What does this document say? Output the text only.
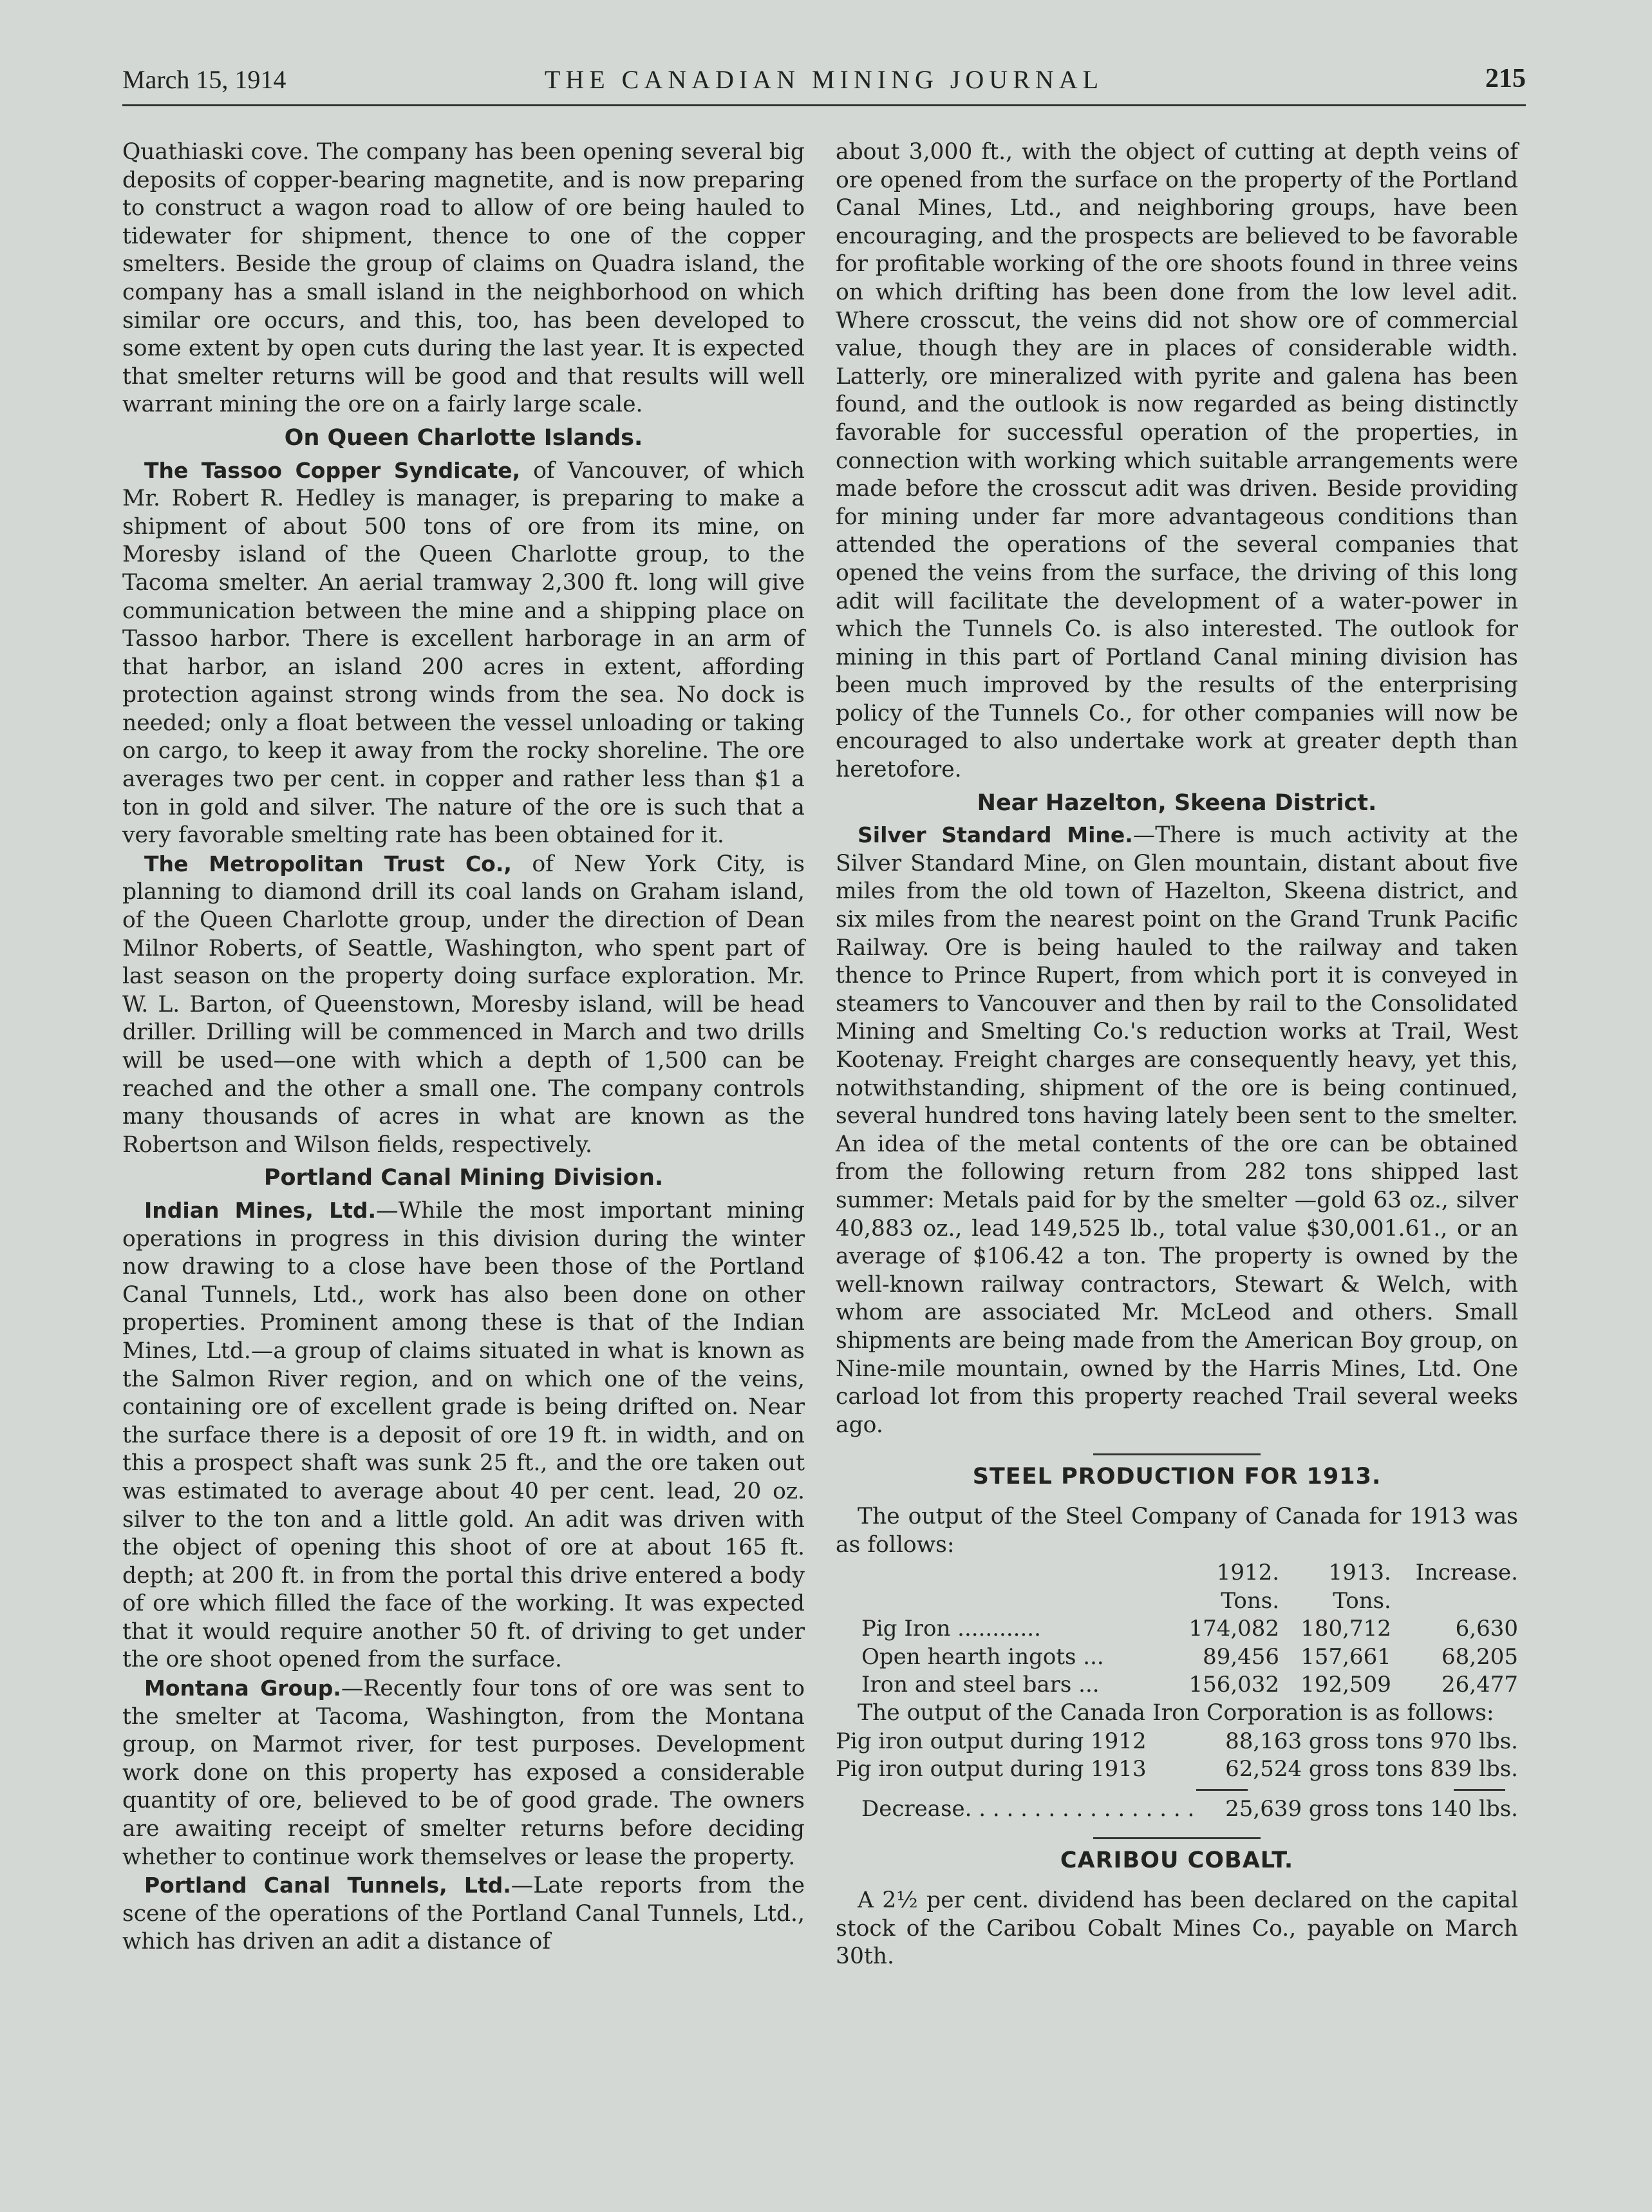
March 15, 1914	THE CANADIAN MINING JOURNAL	215

Quathiaski cove. The company has been opening several big deposits of copper-bearing magnetite, and is now preparing to construct a wagon road to allow of ore being hauled to tidewater for shipment, thence to one of the copper smelters. Beside the group of claims on Quadra island, the company has a small island in the neighborhood on which similar ore occurs, and this, too, has been developed to some extent by open cuts during the last year. It is expected that smelter returns will be good and that results will well warrant mining the ore on a fairly large scale.

On Queen Charlotte Islands.

The Tassoo Copper Syndicate, of Vancouver, of which Mr. Robert R. Hedley is manager, is preparing to make a shipment of about 500 tons of ore from its mine, on Moresby island of the Queen Charlotte group, to the Tacoma smelter. An aerial tramway 2,300 ft. long will give communication between the mine and a shipping place on Tassoo harbor. There is excellent harborage in an arm of that harbor, an island 200 acres in extent, affording protection against strong winds from the sea. No dock is needed; only a float between the vessel unloading or taking on cargo, to keep it away from the rocky shoreline. The ore averages two per cent. in copper and rather less than $1 a ton in gold and silver. The nature of the ore is such that a very favorable smelting rate has been obtained for it.

The Metropolitan Trust Co., of New York City, is planning to diamond drill its coal lands on Graham island, of the Queen Charlotte group, under the direction of Dean Milnor Roberts, of Seattle, Washington, who spent part of last season on the property doing surface exploration. Mr. W. L. Barton, of Queenstown, Moresby island, will be head driller. Drilling will be commenced in March and two drills will be used—one with which a depth of 1,500 can be reached and the other a small one. The company controls many thousands of acres in what are known as the Robertson and Wilson fields, respectively.

Portland Canal Mining Division.

Indian Mines, Ltd.—While the most important mining operations in progress in this division during the winter now drawing to a close have been those of the Portland Canal Tunnels, Ltd., work has also been done on other properties. Prominent among these is that of the Indian Mines, Ltd.—a group of claims situated in what is known as the Salmon River region, and on which one of the veins, containing ore of excellent grade is being drifted on. Near the surface there is a deposit of ore 19 ft. in width, and on this a prospect shaft was sunk 25 ft., and the ore taken out was estimated to average about 40 per cent. lead, 20 oz. silver to the ton and a little gold. An adit was driven with the object of opening this shoot of ore at about 165 ft. depth; at 200 ft. in from the portal this drive entered a body of ore which filled the face of the working. It was expected that it would require another 50 ft. of driving to get under the ore shoot opened from the surface.

Montana Group.—Recently four tons of ore was sent to the smelter at Tacoma, Washington, from the Montana group, on Marmot river, for test purposes. Development work done on this property has exposed a considerable quantity of ore, believed to be of good grade. The owners are awaiting receipt of smelter returns before deciding whether to continue work themselves or lease the property.

Portland Canal Tunnels, Ltd.—Late reports from the scene of the operations of the Portland Canal Tunnels, Ltd., which has driven an adit a distance of

about 3,000 ft., with the object of cutting at depth veins of ore opened from the surface on the property of the Portland Canal Mines, Ltd., and neighboring groups, have been encouraging, and the prospects are believed to be favorable for profitable working of the ore shoots found in three veins on which drifting has been done from the low level adit. Where crosscut, the veins did not show ore of commercial value, though they are in places of considerable width. Latterly, ore mineralized with pyrite and galena has been found, and the outlook is now regarded as being distinctly favorable for successful operation of the properties, in connection with working which suitable arrangements were made before the crosscut adit was driven. Beside providing for mining under far more advantageous conditions than attended the operations of the several companies that opened the veins from the surface, the driving of this long adit will facilitate the development of a water-power in which the Tunnels Co. is also interested. The outlook for mining in this part of Portland Canal mining division has been much improved by the results of the enterprising policy of the Tunnels Co., for other companies will now be encouraged to also undertake work at greater depth than heretofore.

Near Hazelton, Skeena District.

Silver Standard Mine.—There is much activity at the Silver Standard Mine, on Glen mountain, distant about five miles from the old town of Hazelton, Skeena district, and six miles from the nearest point on the Grand Trunk Pacific Railway. Ore is being hauled to the railway and taken thence to Prince Rupert, from which port it is conveyed in steamers to Vancouver and then by rail to the Consolidated Mining and Smelting Co.'s reduction works at Trail, West Kootenay. Freight charges are consequently heavy, yet this, notwithstanding, shipment of the ore is being continued, several hundred tons having lately been sent to the smelter. An idea of the metal contents of the ore can be obtained from the following return from 282 tons shipped last summer: Metals paid for by the smelter —gold 63 oz., silver 40,883 oz., lead 149,525 lb., total value $30,001.61., or an average of $106.42 a ton. The property is owned by the well-known railway contractors, Stewart & Welch, with whom are associated Mr. McLeod and others. Small shipments are being made from the American Boy group, on Nine-mile mountain, owned by the Harris Mines, Ltd. One carload lot from this property reached Trail several weeks ago.

STEEL PRODUCTION FOR 1913.

The output of the Steel Company of Canada for 1913 was as follows:

	1912.	1913.	Increase.
	Tons.	Tons.	
Pig Iron ............	174,082	180,712	6,630
Open hearth ingots ...	89,456	157,661	68,205
Iron and steel bars ...	156,032	192,509	26,477

The output of the Canada Iron Corporation is as follows:

Pig iron output during 1912	88,163 gross tons 970 lbs.
Pig iron output during 1913	62,524 gross tons 839 lbs.
Decrease. . . . . . . . . . . . . . . . . 25,639 gross tons 140 lbs.
CARIBOU COBALT.

A 2½ per cent. dividend has been declared on the capital stock of the Caribou Cobalt Mines Co., payable on March 30th.
